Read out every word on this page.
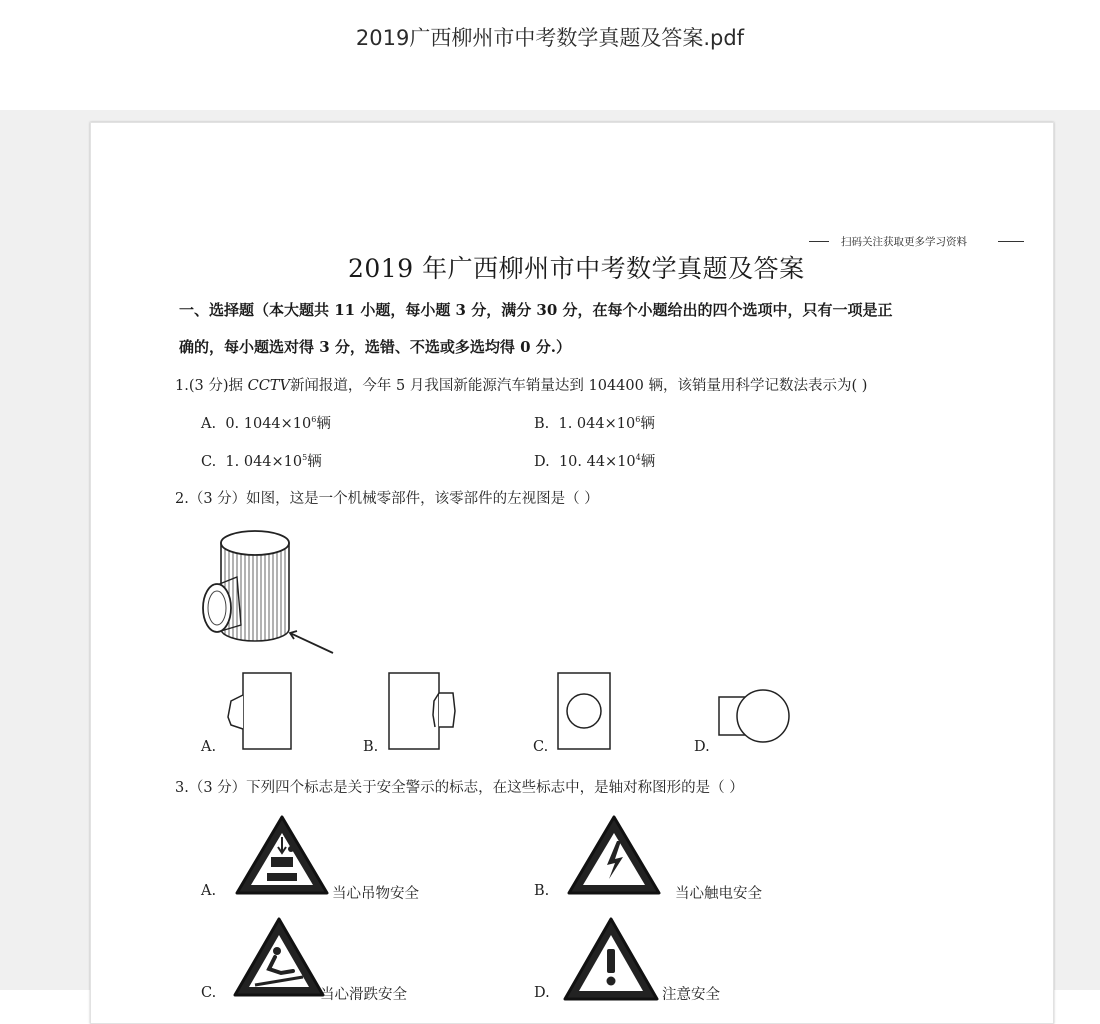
2019广西柳州市中考数学真题及答案.pdf
扫码关注获取更多学习资料
2019 年广西柳州市中考数学真题及答案
一、选择题（本大题共 11 小题，每小题 3 分，满分 30 分，在每个小题给出的四个选项中，只有一项是正
确的，每小题选对得 3 分，选错、不选或多选均得 0 分.）
1.(3 分)据 CCTV新闻报道，今年 5 月我国新能源汽车销量达到 104400 辆，该销量用科学记数法表示为( )
A. 0. $1044\times 10^6$辆	B. 1. $044\times 10^6$辆
C. 1. $044\times 10^5$辆	D. 10. $44\times 10^4$辆
2.（3 分）如图，这是一个机械零部件，该零部件的左视图是（ ）
A.	B.	C.	D.
3.（3 分）下列四个标志是关于安全警示的标志，在这些标志中，是轴对称图形的是（ ）
A.	当心吊物安全	B.	当心触电安全
C.	当心滑跌安全	D.	注意安全
